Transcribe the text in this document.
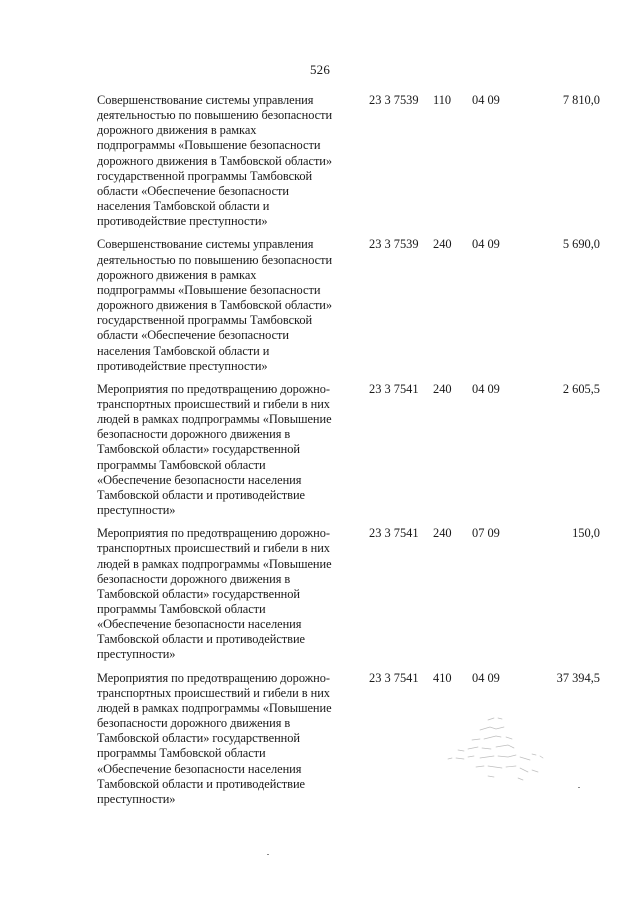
526
Совершенствование системы управления
деятельностью по повышению безопасности
дорожного движения в рамках
подпрограммы «Повышение безопасности
дорожного движения в Тамбовской области»
государственной программы Тамбовской
области «Обеспечение безопасности
населения Тамбовской области и
противодействие преступности»
23 3 7539 110 04 09	7 810,0
Совершенствование системы управления
деятельностью по повышению безопасности
дорожного движения в рамках
подпрограммы «Повышение безопасности
дорожного движения в Тамбовской области»
государственной программы Тамбовской
области «Обеспечение безопасности
населения Тамбовской области и
противодействие преступности»
23 3 7539 240 04 09	5 690,0
Мероприятия по предотвращению дорожно-
транспортных происшествий и гибели в них
людей в рамках подпрограммы «Повышение
безопасности дорожного движения в
Тамбовской области» государственной
программы Тамбовской области
«Обеспечение безопасности населения
Тамбовской области и противодействие
преступности»
23 3 7541 240 04 09	2 605,5
Мероприятия по предотвращению дорожно-
транспортных происшествий и гибели в них
людей в рамках подпрограммы «Повышение
безопасности дорожного движения в
Тамбовской области» государственной
программы Тамбовской области
«Обеспечение безопасности населения
Тамбовской области и противодействие
преступности»
23 3 7541 240 07 09	150,0
Мероприятия по предотвращению дорожно-
транспортных происшествий и гибели в них
людей в рамках подпрограммы «Повышение
безопасности дорожного движения в
Тамбовской области» государственной
программы Тамбовской области
«Обеспечение безопасности населения
Тамбовской области и противодействие
преступности»
23 3 7541 410 04 09	37 394,5
